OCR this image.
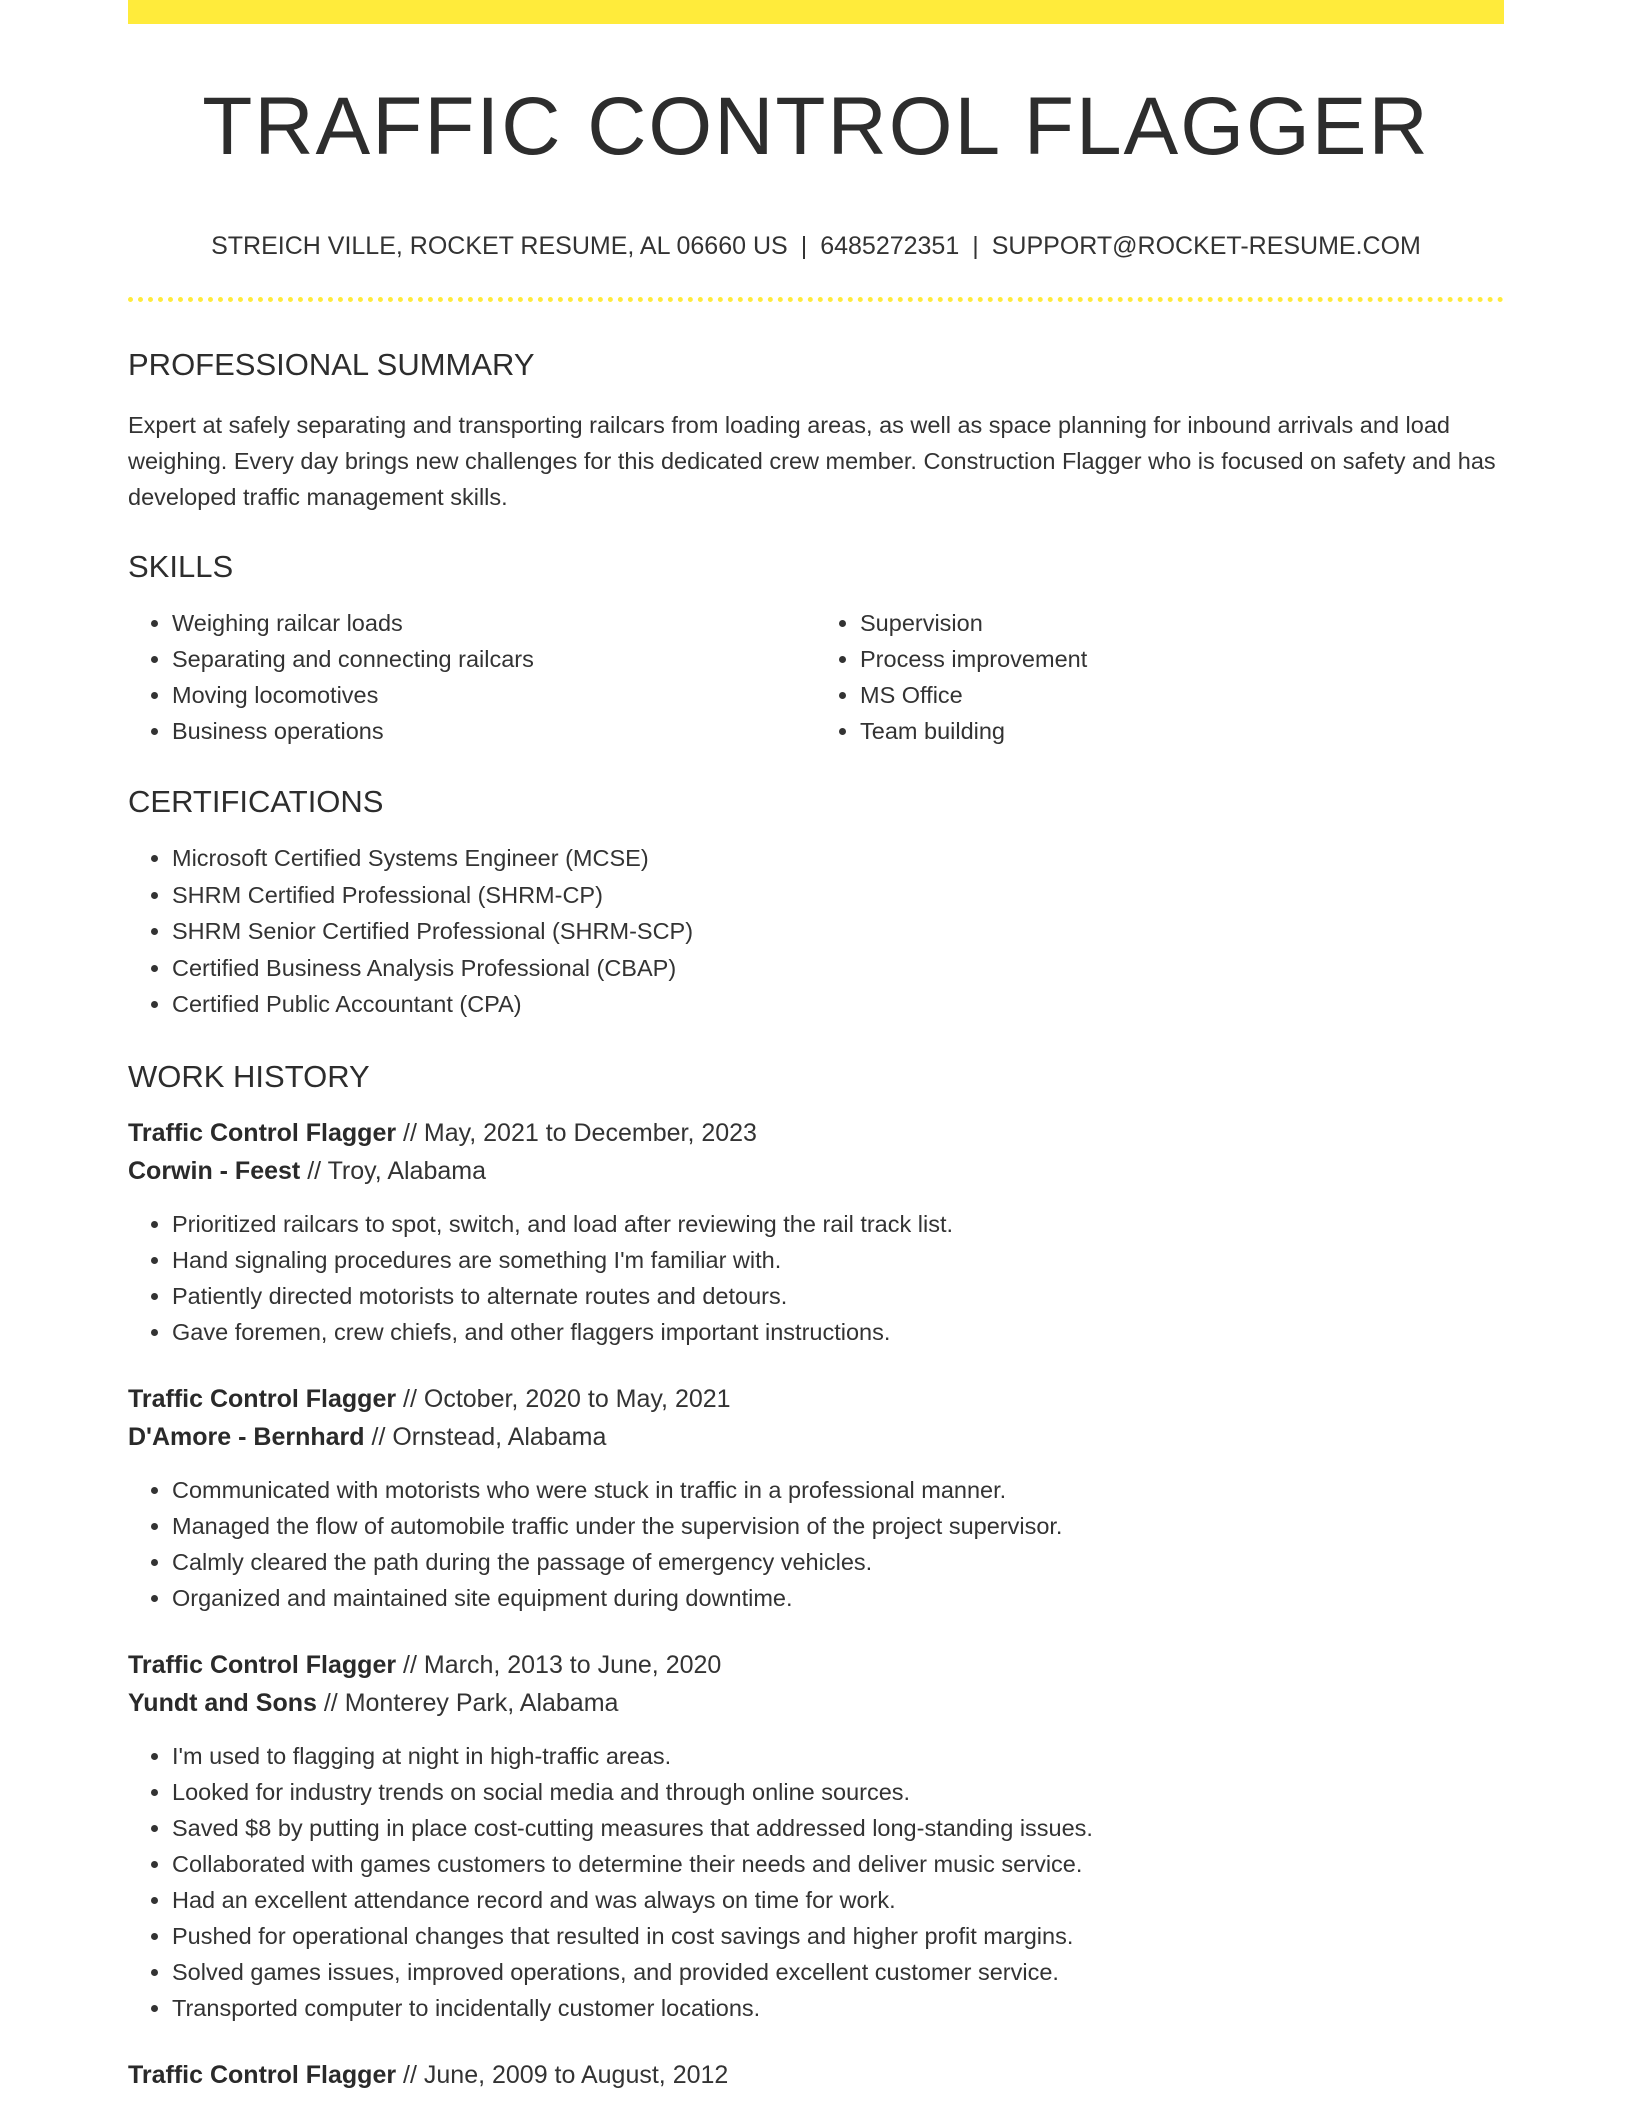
TRAFFIC CONTROL FLAGGER
STREICH VILLE, ROCKET RESUME, AL 06660 US | 6485272351 | SUPPORT@ROCKET-RESUME.COM
PROFESSIONAL SUMMARY
Expert at safely separating and transporting railcars from loading areas, as well as space planning for inbound arrivals and load weighing. Every day brings new challenges for this dedicated crew member. Construction Flagger who is focused on safety and has developed traffic management skills.
SKILLS
• Weighing railcar loads
• Separating and connecting railcars
• Moving locomotives
• Business operations
• Supervision
• Process improvement
• MS Office
• Team building
CERTIFICATIONS
• Microsoft Certified Systems Engineer (MCSE)
• SHRM Certified Professional (SHRM-CP)
• SHRM Senior Certified Professional (SHRM-SCP)
• Certified Business Analysis Professional (CBAP)
• Certified Public Accountant (CPA)
WORK HISTORY
Traffic Control Flagger // May, 2021 to December, 2023
Corwin - Feest // Troy, Alabama
• Prioritized railcars to spot, switch, and load after reviewing the rail track list.
• Hand signaling procedures are something I'm familiar with.
• Patiently directed motorists to alternate routes and detours.
• Gave foremen, crew chiefs, and other flaggers important instructions.
Traffic Control Flagger // October, 2020 to May, 2021
D'Amore - Bernhard // Ornstead, Alabama
• Communicated with motorists who were stuck in traffic in a professional manner.
• Managed the flow of automobile traffic under the supervision of the project supervisor.
• Calmly cleared the path during the passage of emergency vehicles.
• Organized and maintained site equipment during downtime.
Traffic Control Flagger // March, 2013 to June, 2020
Yundt and Sons // Monterey Park, Alabama
• I'm used to flagging at night in high-traffic areas.
• Looked for industry trends on social media and through online sources.
• Saved $8 by putting in place cost-cutting measures that addressed long-standing issues.
• Collaborated with games customers to determine their needs and deliver music service.
• Had an excellent attendance record and was always on time for work.
• Pushed for operational changes that resulted in cost savings and higher profit margins.
• Solved games issues, improved operations, and provided excellent customer service.
• Transported computer to incidentally customer locations.
Traffic Control Flagger // June, 2009 to August, 2012
